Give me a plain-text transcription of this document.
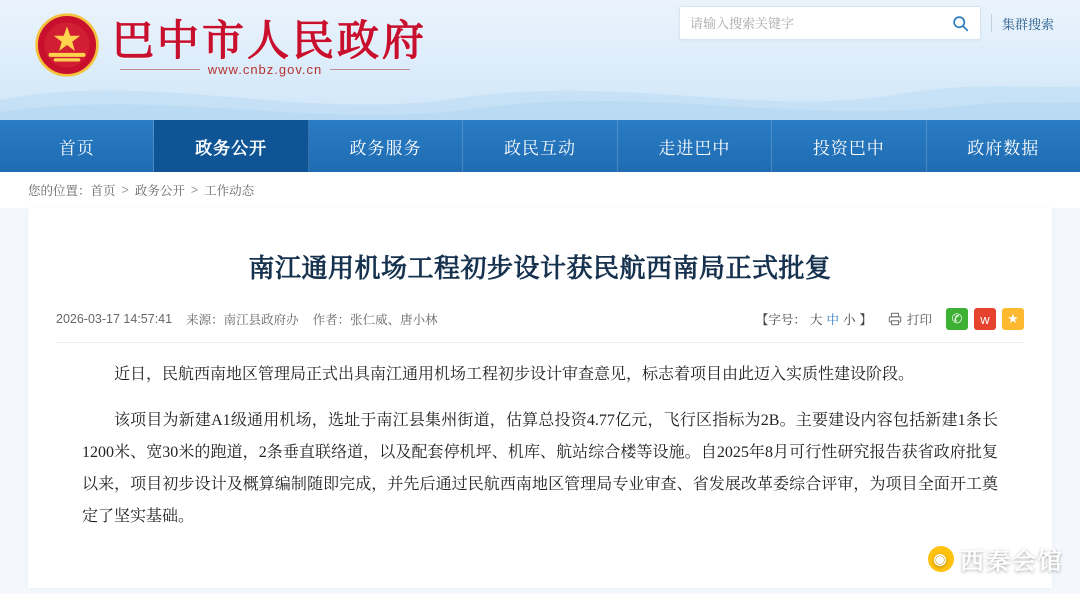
巴中市人民政府
www.cnbz.gov.cn
请输入搜索关键字
集群搜索
首页	政务公开	政务服务	政民互动	走进巴中	投资巴中	政府数据
您的位置： 首页 > 政务公开 > 工作动态
南江通用机场工程初步设计获民航西南局正式批复
2026-03-17 14:57:41 来源：南江县政府办 作者：张仁威、唐小林	【字号： 大 中 小 】	打印	✆	w	★

近日，民航西南地区管理局正式出具南江通用机场工程初步设计审查意见，标志着项目由此迈入实质性建设阶段。

该项目为新建A1级通用机场，选址于南江县集州街道，估算总投资4.77亿元，飞行区指标为2B。主要建设内容包括新建1条长1200米、宽30米的跑道，2条垂直联络道，以及配套停机坪、机库、航站综合楼等设施。自2025年8月可行性研究报告获省政府批复以来，项目初步设计及概算编制随即完成，并先后通过民航西南地区管理局专业审查、省发展改革委综合评审，为项目全面开工奠定了坚实基础。

◉ 西秦会馆
